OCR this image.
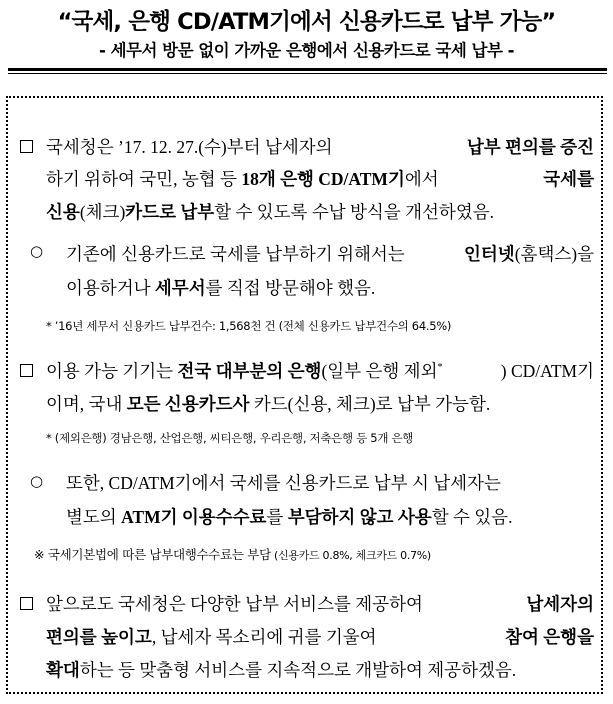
“국세, 은행 CD/ATM기에서 신용카드로 납부 가능”
- 세무서 방문 없이 가까운 은행에서 신용카드로 국세 납부 -
국세청은 ’17. 12. 27.(수)부터 납세자의	납부 편의를 증진
하기 위하여 국민, 농협 등 18개 은행 CD/ATM기에서	국세를
신용(체크)카드로 납부할 수 있도록 수납 방식을 개선하였음.
○ 기존에 신용카드로 국세를 납부하기 위해서는	인터넷(홈택스)을
이용하거나 세무서를 직접 방문해야 했음.
* ’16년 세무서 신용카드 납부건수: 1,568천 건 (전체 신용카드 납부건수의 64.5%)
이용 가능 기기는 전국 대부분의 은행(일부 은행 제외*	) CD/ATM기
이며, 국내 모든 신용카드사 카드(신용, 체크)로 납부 가능함.
* (제외은행) 경남은행, 산업은행, 씨티은행, 우리은행, 저축은행 등 5개 은행
○ 또한, CD/ATM기에서 국세를 신용카드로 납부 시 납세자는
별도의 ATM기 이용수수료를 부담하지 않고 사용할 수 있음.
※ 국세기본법에 따른 납부대행수수료는 부담 (신용카드 0.8%, 체크카드 0.7%)
앞으로도 국세청은 다양한 납부 서비스를 제공하여	납세자의
편의를 높이고, 납세자 목소리에 귀를 기울여	참여 은행을
확대하는 등 맞춤형 서비스를 지속적으로 개발하여 제공하겠음.
